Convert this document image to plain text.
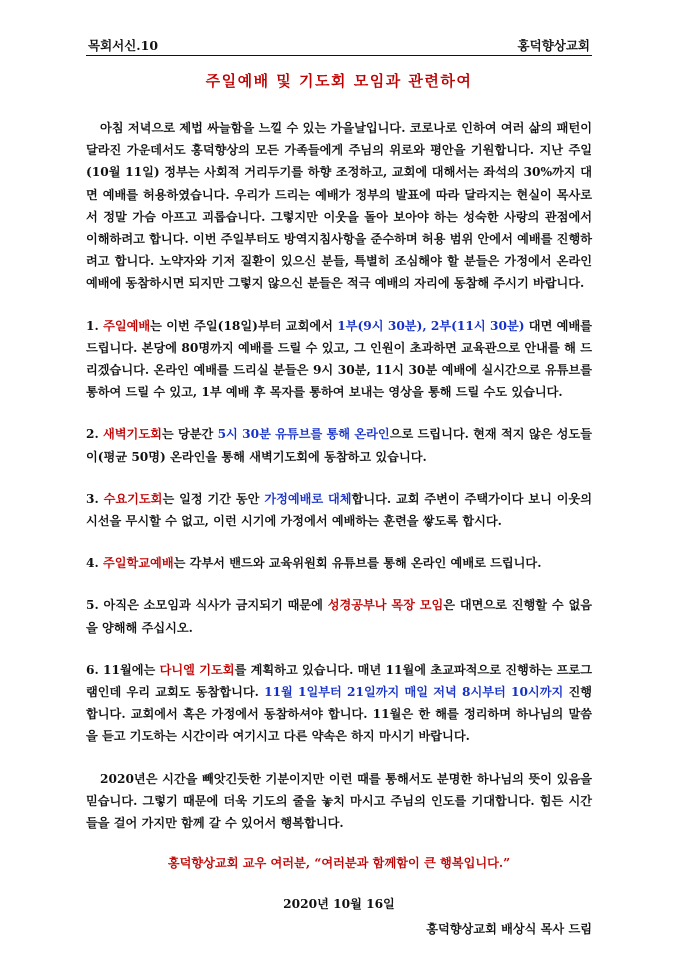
목회서신.10	홍덕향상교회
주일예배 및 기도회 모임과 관련하여

아침 저녁으로 제법 싸늘함을 느낄 수 있는 가을날입니다. 코로나로 인하여 여러 삶의 패턴이 달라진 가운데서도 홍덕향상의 모든 가족들에게 주님의 위로와 평안을 기원합니다. 지난 주일(10월 11일) 정부는 사회적 거리두기를 하향 조정하고, 교회에 대해서는 좌석의 30%까지 대면 예배를 허용하였습니다. 우리가 드리는 예배가 정부의 발표에 따라 달라지는 현실이 목사로서 정말 가슴 아프고 괴롭습니다. 그렇지만 이웃을 돌아 보아야 하는 성숙한 사랑의 관점에서 이해하려고 합니다. 이번 주일부터도 방역지침사항을 준수하며 허용 범위 안에서 예배를 진행하려고 합니다. 노약자와 기저 질환이 있으신 분들, 특별히 조심해야 할 분들은 가정에서 온라인 예배에 동참하시면 되지만 그렇지 않으신 분들은 적극 예배의 자리에 동참해 주시기 바랍니다.

1. 주일예배는 이번 주일(18일)부터 교회에서 1부(9시 30분), 2부(11시 30분) 대면 예배를 드립니다. 본당에 80명까지 예배를 드릴 수 있고, 그 인원이 초과하면 교육관으로 안내를 해 드리겠습니다. 온라인 예배를 드리실 분들은 9시 30분, 11시 30분 예배에 실시간으로 유튜브를 통하여 드릴 수 있고, 1부 예배 후 목자를 통하여 보내는 영상을 통해 드릴 수도 있습니다.

2. 새벽기도회는 당분간 5시 30분 유튜브를 통해 온라인으로 드립니다. 현재 적지 않은 성도들이(평균 50명) 온라인을 통해 새벽기도회에 동참하고 있습니다.

3. 수요기도회는 일정 기간 동안 가정예배로 대체합니다. 교회 주변이 주택가이다 보니 이웃의 시선을 무시할 수 없고, 이런 시기에 가정에서 예배하는 훈련을 쌓도록 합시다.

4. 주일학교예배는 각부서 밴드와 교육위원회 유튜브를 통해 온라인 예배로 드립니다.

5. 아직은 소모임과 식사가 금지되기 때문에 성경공부나 목장 모임은 대면으로 진행할 수 없음을 양해해 주십시오.

6. 11월에는 다니엘 기도회를 계획하고 있습니다. 매년 11월에 초교파적으로 진행하는 프로그램인데 우리 교회도 동참합니다. 11월 1일부터 21일까지 매일 저녁 8시부터 10시까지 진행합니다. 교회에서 혹은 가정에서 동참하셔야 합니다. 11월은 한 해를 정리하며 하나님의 말씀을 듣고 기도하는 시간이라 여기시고 다른 약속은 하지 마시기 바랍니다.

2020년은 시간을 빼앗긴듯한 기분이지만 이런 때를 통해서도 분명한 하나님의 뜻이 있음을 믿습니다. 그렇기 때문에 더욱 기도의 줄을 놓치 마시고 주님의 인도를 기대합니다. 힘든 시간들을 걸어 가지만 함께 갈 수 있어서 행복합니다.

홍덕향상교회 교우 여러분, “여러분과 함께함이 큰 행복입니다.”
2020년 10월 16일
홍덕향상교회 배상식 목사 드림
